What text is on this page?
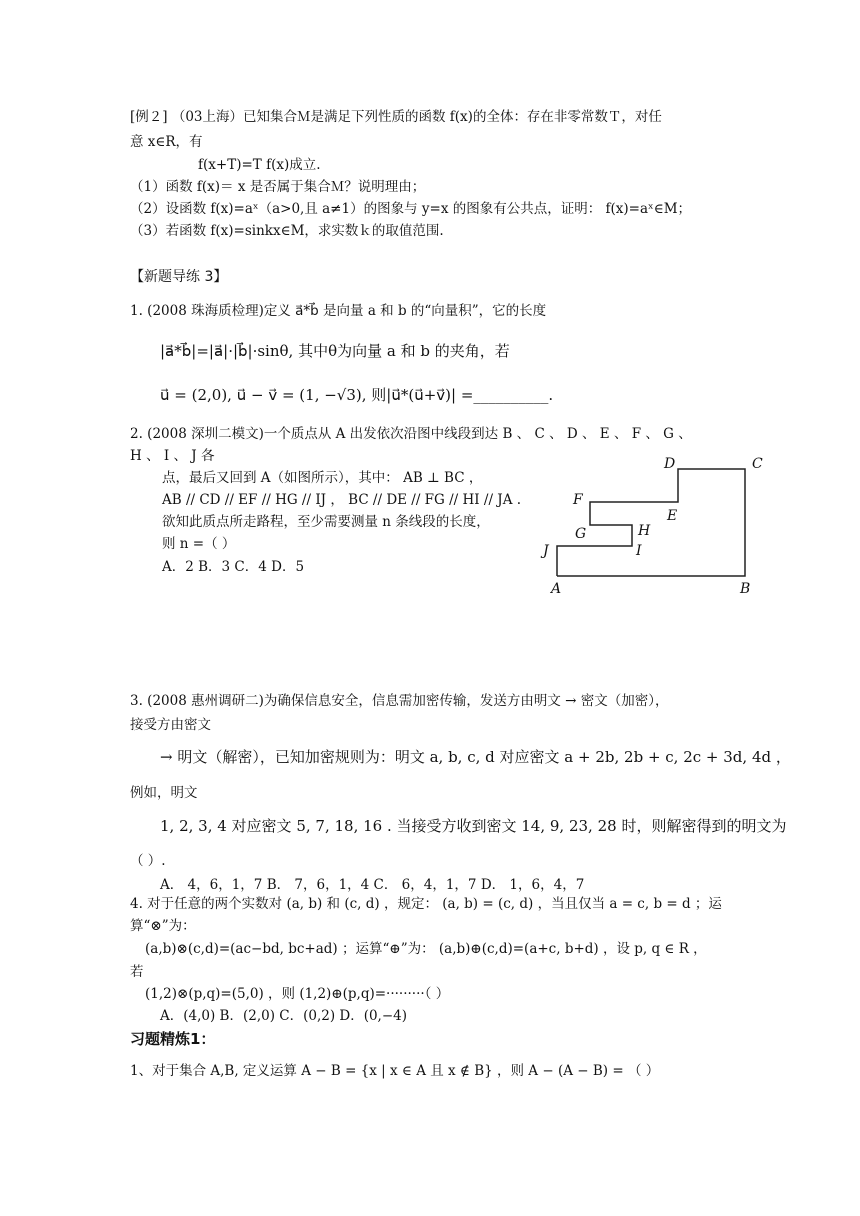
[例２] （03上海）已知集合Ｍ是满足下列性质的函数 f(x)的全体：存在非零常数Ｔ，对任
意 x∈R，有
f(x+T)=T f(x)成立.
（1）函数 f(x)＝ x 是否属于集合Ｍ？说明理由；
（2）设函数 f(x)=aˣ（a>0,且 a≠1）的图象与 y=x 的图象有公共点，证明： f(x)=aˣ∈M；
（3）若函数 f(x)=sinkx∈M，求实数ｋ的取值范围.
【新题导练 3】
1. (2008 珠海质检理)定义 a⃗*b⃗ 是向量 a 和 b 的“向量积”，它的长度
|a⃗*b⃗|=|a⃗|·|b⃗|·sinθ, 其中θ为向量 a 和 b 的夹角，若
u⃗ = (2,0), u⃗ − v⃗ = (1, −√3), 则|u⃗*(u⃗+v⃗)| =__________.
2. (2008 深圳二模文)一个质点从 A 出发依次沿图中线段到达 B 、 C 、 D 、 E 、 F 、 G 、
H 、 I 、 J 各
点，最后又回到 A（如图所示），其中： AB ⊥ BC ，
AB // CD // EF // HG // IJ ， BC // DE // FG // HI // JA .
欲知此质点所走路程，至少需要测量 n 条线段的长度，
则 n =（ ）
A．2 B．3 C．4 D．5
D	C
F
E
H
G
I
J
A	B
3. (2008 惠州调研二)为确保信息安全，信息需加密传输，发送方由明文 → 密文（加密），
接受方由密文
→ 明文（解密），已知加密规则为：明文 a, b, c, d 对应密文 a + 2b, 2b + c, 2c + 3d, 4d ，
例如，明文
1, 2, 3, 4 对应密文 5, 7, 18, 16 . 当接受方收到密文 14, 9, 23, 28 时，则解密得到的明文为
（ ）.
A． 4，6，1，7 B． 7，6，1，4 C． 6，4，1，7 D． 1，6，4，7
4. 对于任意的两个实数对 (a, b) 和 (c, d) ，规定： (a, b) = (c, d) ，当且仅当 a = c, b = d ；运
算“⊗”为：
(a,b)⊗(c,d)=(ac−bd, bc+ad) ；运算“⊕”为： (a,b)⊕(c,d)=(a+c, b+d) ，设 p, q ∈ R ，
若
(1,2)⊗(p,q)=(5,0) ，则 (1,2)⊕(p,q)=·········（ ）
A．(4,0) B．(2,0) C．(0,2) D．(0,−4)
习题精炼1：
1、对于集合 A,B, 定义运算 A − B = {x | x ∈ A 且 x ∉ B} ，则 A − (A − B) = （ ）
